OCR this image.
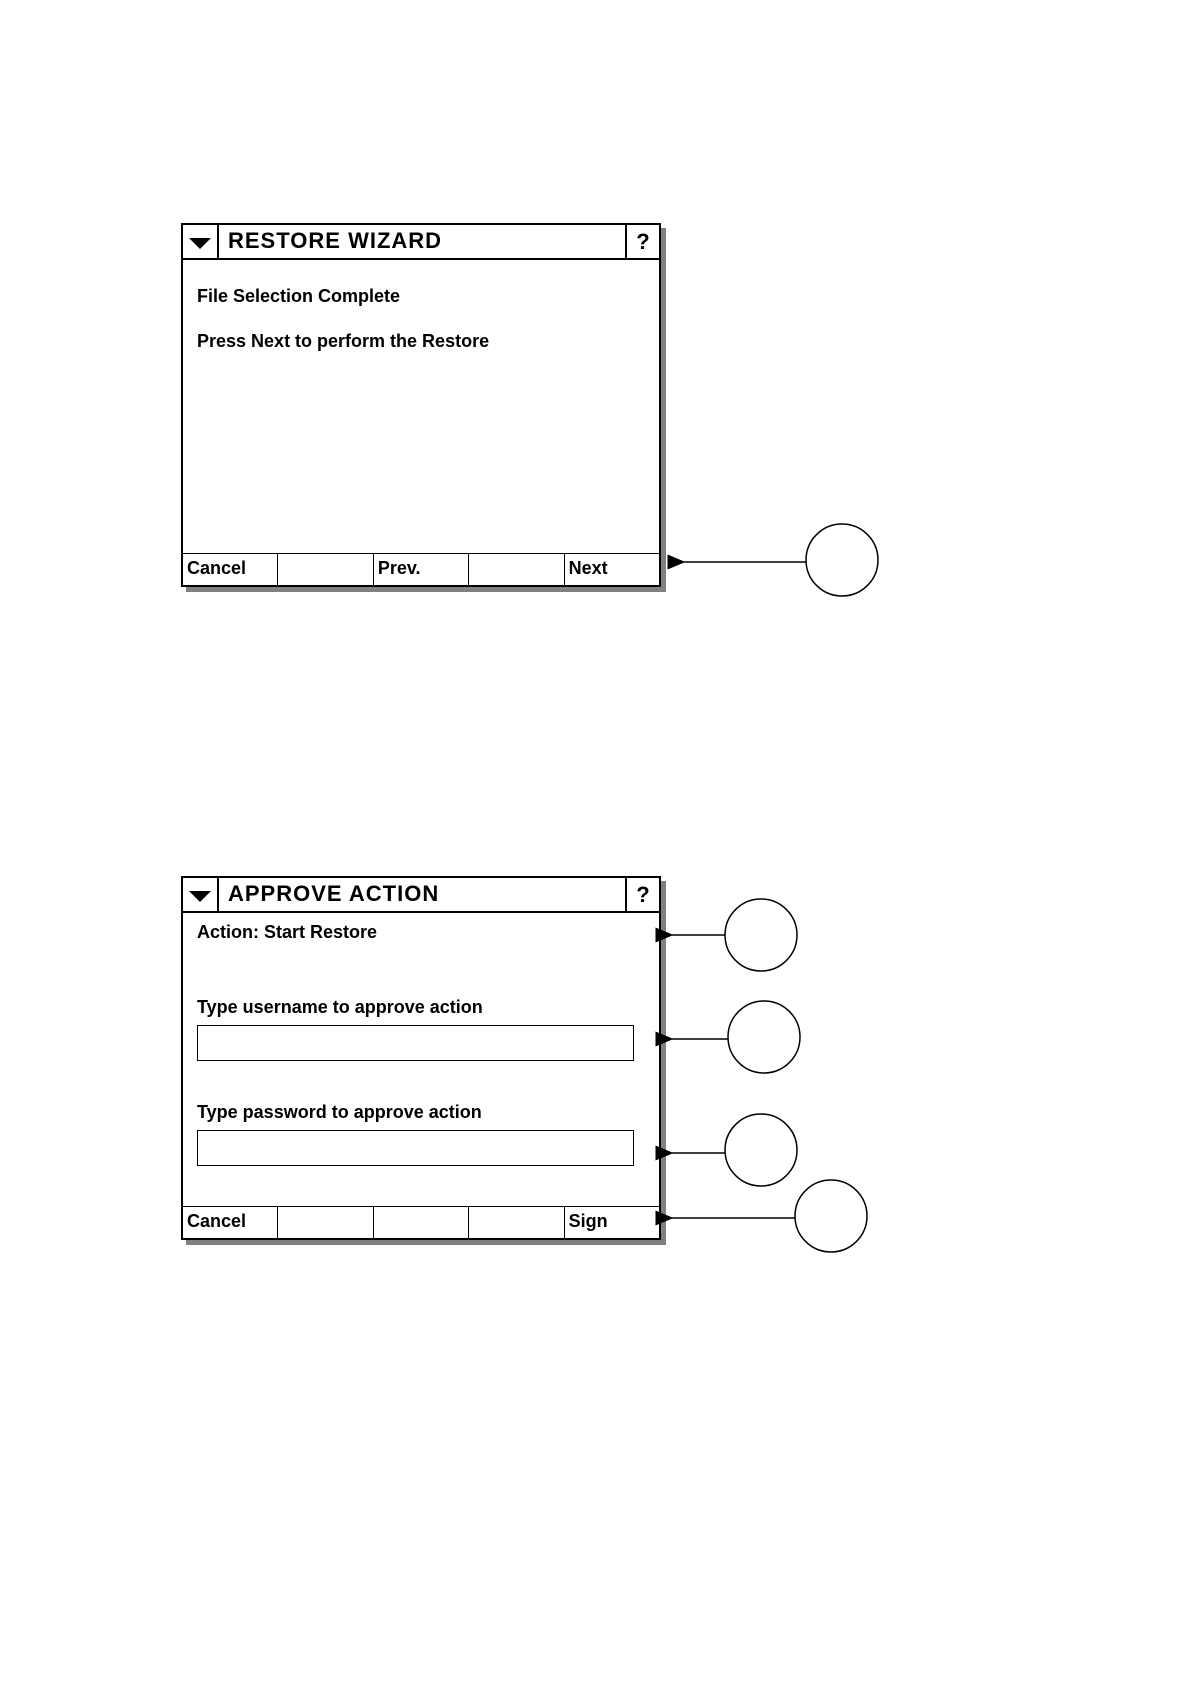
RESTORE WIZARD	?
File Selection Complete
Press Next to perform the Restore
Cancel	Prev.	Next
APPROVE ACTION	?
Action: Start Restore
Type username to approve action
Type password to approve action
Cancel	Sign
